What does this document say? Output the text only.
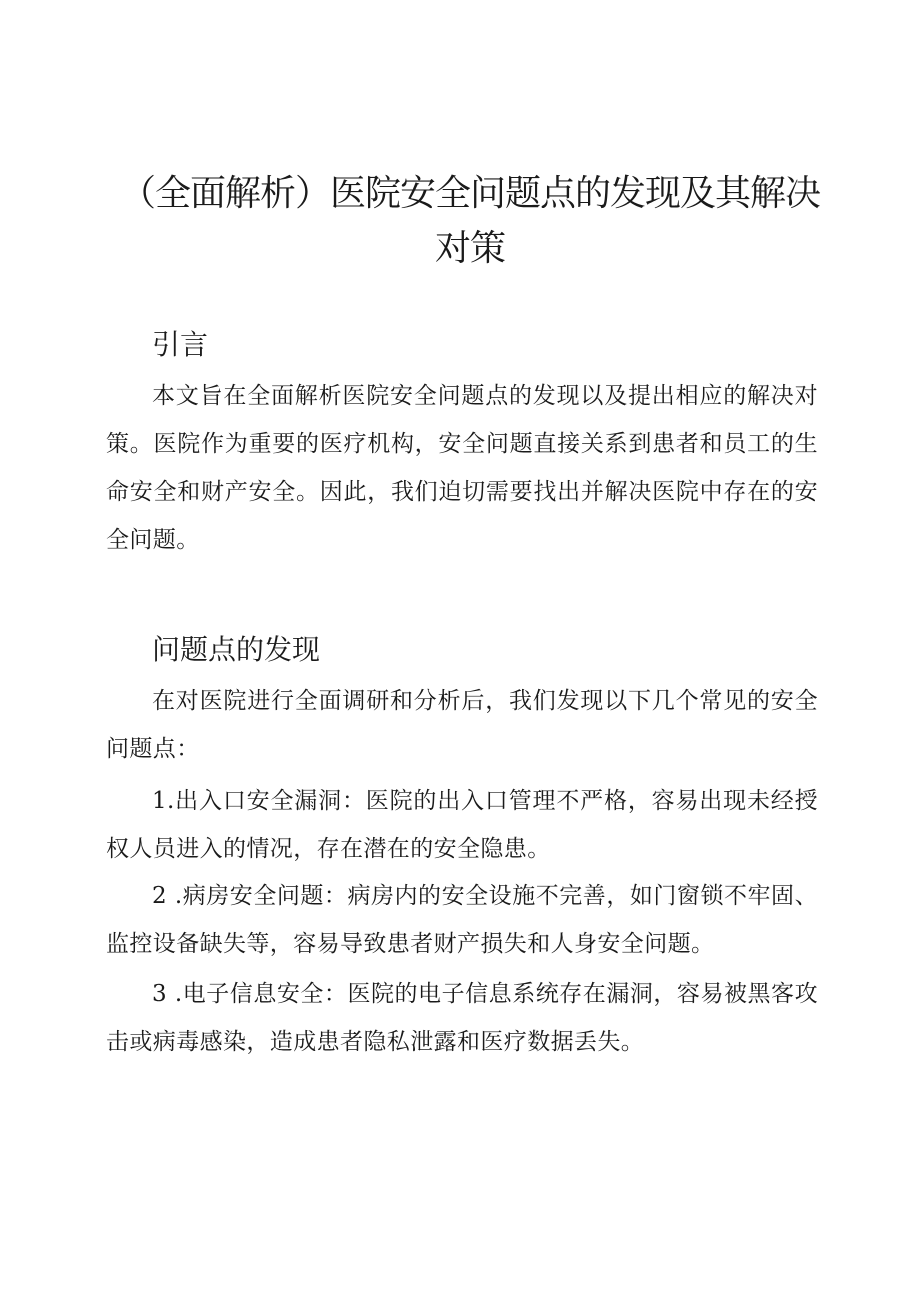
（全面解析）医院安全问题点的发现及其解决对策
引言

本文旨在全面解析医院安全问题点的发现以及提出相应的解决对策。医院作为重要的医疗机构，安全问题直接关系到患者和员工的生命安全和财产安全。因此，我们迫切需要找出并解决医院中存在的安全问题。

问题点的发现

在对医院进行全面调研和分析后，我们发现以下几个常见的安全问题点：

1.出入口安全漏洞：医院的出入口管理不严格，容易出现未经授权人员进入的情况，存在潜在的安全隐患。

2 .病房安全问题：病房内的安全设施不完善，如门窗锁不牢固、监控设备缺失等，容易导致患者财产损失和人身安全问题。

3 .电子信息安全：医院的电子信息系统存在漏洞，容易被黑客攻击或病毒感染，造成患者隐私泄露和医疗数据丢失。
